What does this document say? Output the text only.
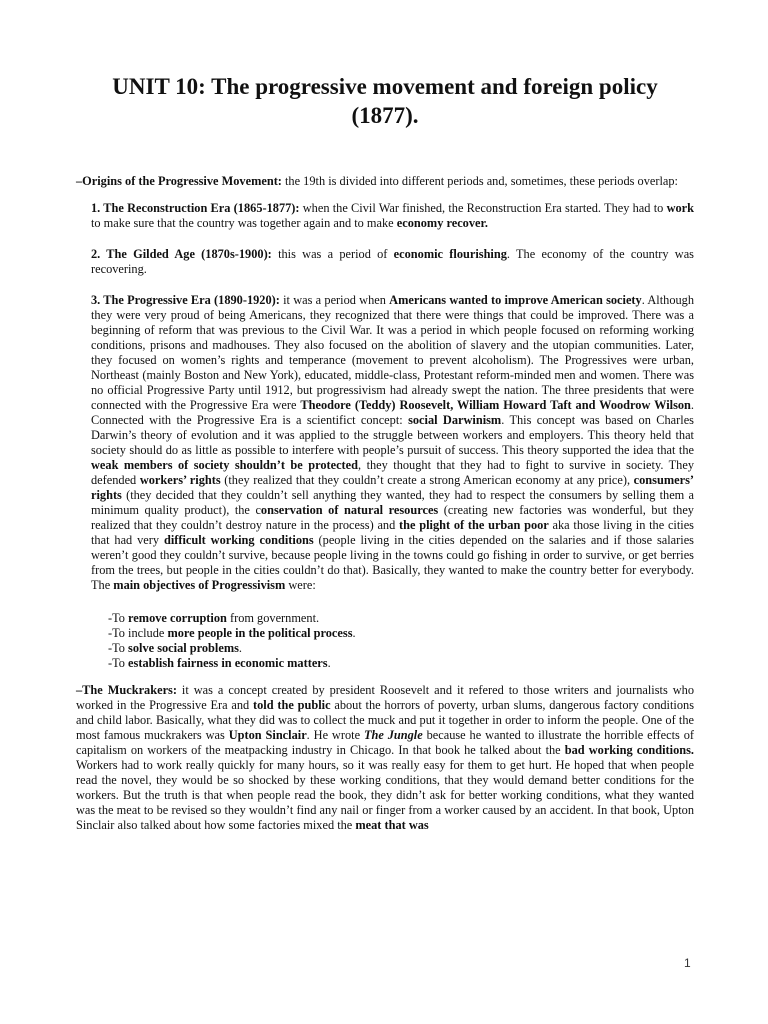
UNIT 10: The progressive movement and foreign policy (1877).

–Origins of the Progressive Movement: the 19th is divided into different periods and, sometimes, these periods overlap:

1. The Reconstruction Era (1865-1877): when the Civil War finished, the Reconstruction Era started. They had to work to make sure that the country was together again and to make economy recover.

2. The Gilded Age (1870s-1900): this was a period of economic flourishing. The economy of the country was recovering.

3. The Progressive Era (1890-1920): it was a period when Americans wanted to improve American society. Although they were very proud of being Americans, they recognized that there were things that could be improved. There was a beginning of reform that was previous to the Civil War. It was a period in which people focused on reforming working conditions, prisons and madhouses. They also focused on the abolition of slavery and the utopian communities. Later, they focused on women’s rights and temperance (movement to prevent alcoholism). The Progressives were urban, Northeast (mainly Boston and New York), educated, middle-class, Protestant reform-minded men and women. There was no official Progressive Party until 1912, but progressivism had already swept the nation. The three presidents that were connected with the Progressive Era were Theodore (Teddy) Roosevelt, William Howard Taft and Woodrow Wilson. Connected with the Progressive Era is a scientifict concept: social Darwinism. This concept was based on Charles Darwin’s theory of evolution and it was applied to the struggle between workers and employers. This theory held that society should do as little as possible to interfere with people’s pursuit of success. This theory supported the idea that the weak members of society shouldn’t be protected, they thought that they had to fight to survive in society. They defended workers’ rights (they realized that they couldn’t create a strong American economy at any price), consumers’ rights (they decided that they couldn’t sell anything they wanted, they had to respect the consumers by selling them a minimum quality product), the conservation of natural resources (creating new factories was wonderful, but they realized that they couldn’t destroy nature in the process) and the plight of the urban poor aka those living in the cities that had very difficult working conditions (people living in the cities depended on the salaries and if those salaries weren’t good they couldn’t survive, because people living in the towns could go fishing in order to survive, or get berries from the trees, but people in the cities couldn’t do that). Basically, they wanted to make the country better for everybody. The main objectives of Progressivism were:

-To remove corruption from government.
-To include more people in the political process.
-To solve social problems.
-To establish fairness in economic matters.

–The Muckrakers: it was a concept created by president Roosevelt and it refered to those writers and journalists who worked in the Progressive Era and told the public about the horrors of poverty, urban slums, dangerous factory conditions and child labor. Basically, what they did was to collect the muck and put it together in order to inform the people. One of the most famous muckrakers was Upton Sinclair. He wrote The Jungle because he wanted to illustrate the horrible effects of capitalism on workers of the meatpacking industry in Chicago. In that book he talked about the bad working conditions. Workers had to work really quickly for many hours, so it was really easy for them to get hurt. He hoped that when people read the novel, they would be so shocked by these working conditions, that they would demand better conditions for the workers. But the truth is that when people read the book, they didn’t ask for better working conditions, what they wanted was the meat to be revised so they wouldn’t find any nail or finger from a worker caused by an accident. In that book, Upton Sinclair also talked about how some factories mixed the meat that was

1
